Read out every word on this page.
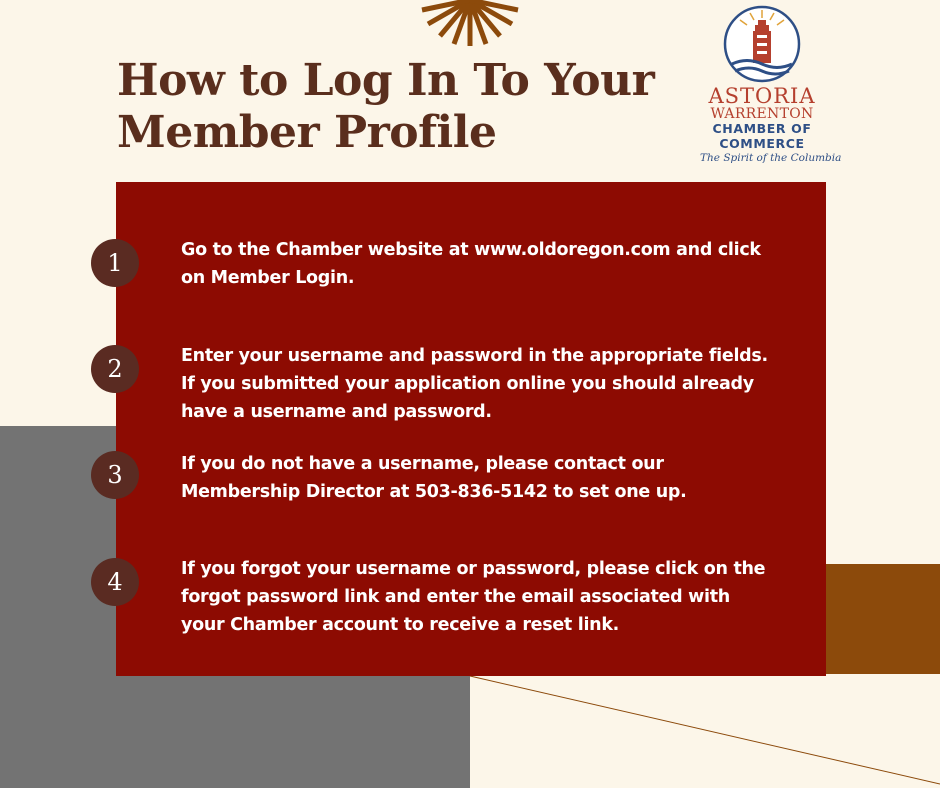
How to Log In To Your
Member Profile
ASTORIA
WARRENTON
CHAMBER OF
COMMERCE
The Spirit of the Columbia
1	Go to the Chamber website at www.oldoregon.com and click
on Member Login.

2	Enter your username and password in the appropriate fields.
If you submitted your application online you should already
have a username and password.

3	If you do not have a username, please contact our
Membership Director at 503-836-5142 to set one up.

4	If you forgot your username or password, please click on the
forgot password link and enter the email associated with
your Chamber account to receive a reset link.
